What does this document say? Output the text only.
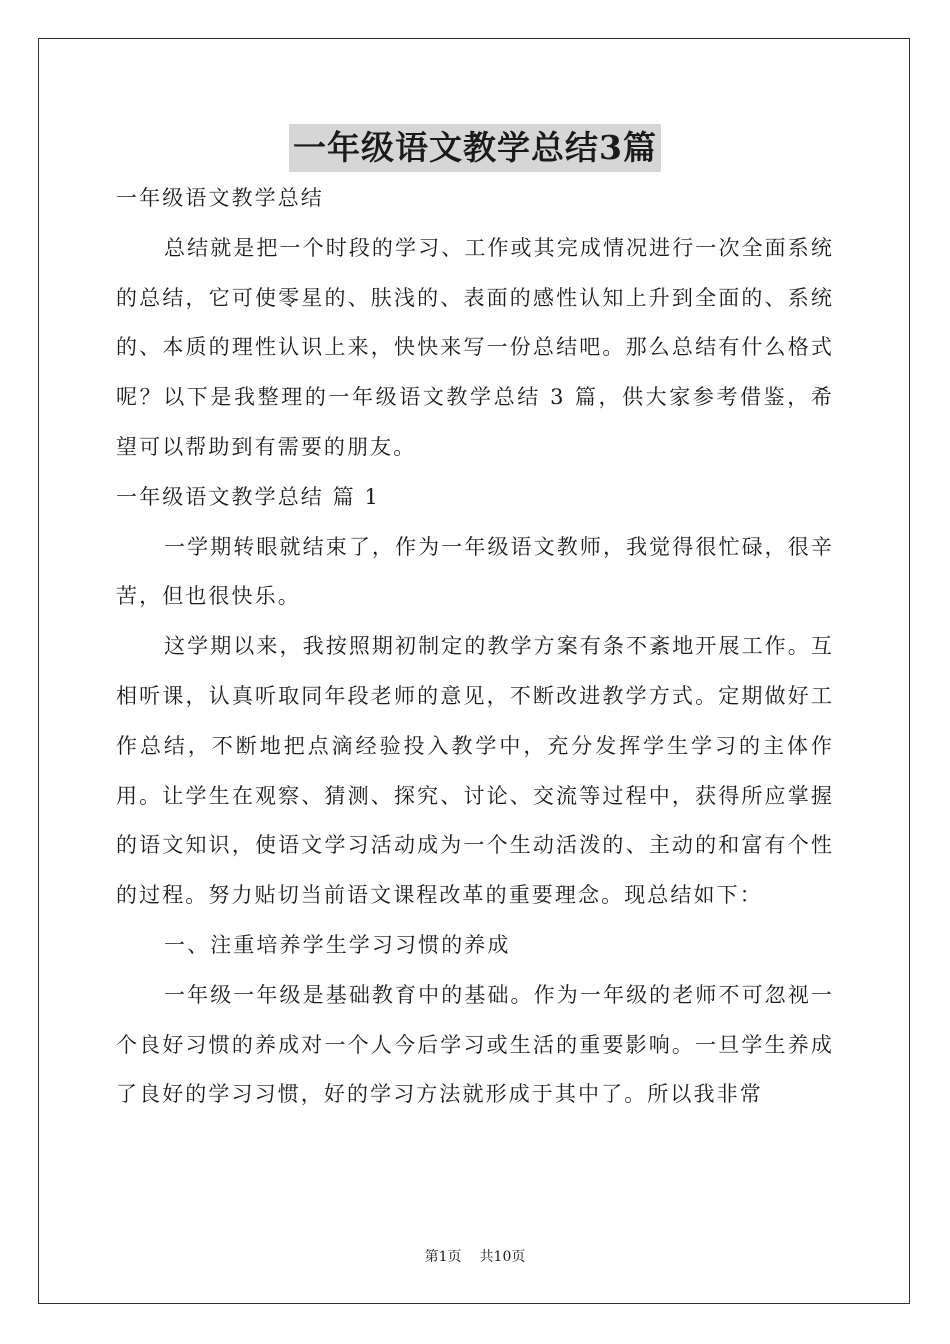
一年级语文教学总结3篇

一年级语文教学总结

总结就是把一个时段的学习、工作或其完成情况进行一次全面系统的总结，它可使零星的、肤浅的、表面的感性认知上升到全面的、系统的、本质的理性认识上来，快快来写一份总结吧。那么总结有什么格式呢？以下是我整理的一年级语文教学总结 3 篇，供大家参考借鉴，希望可以帮助到有需要的朋友。

一年级语文教学总结 篇 1

一学期转眼就结束了，作为一年级语文教师，我觉得很忙碌，很辛苦，但也很快乐。

这学期以来，我按照期初制定的教学方案有条不紊地开展工作。互相听课，认真听取同年段老师的意见，不断改进教学方式。定期做好工作总结，不断地把点滴经验投入教学中，充分发挥学生学习的主体作用。让学生在观察、猜测、探究、讨论、交流等过程中，获得所应掌握的语文知识，使语文学习活动成为一个生动活泼的、主动的和富有个性的过程。努力贴切当前语文课程改革的重要理念。现总结如下：

一、注重培养学生学习习惯的养成

一年级一年级是基础教育中的基础。作为一年级的老师不可忽视一个良好习惯的养成对一个人今后学习或生活的重要影响。一旦学生养成了良好的学习习惯，好的学习方法就形成于其中了。所以我非常

第1页 共10页
